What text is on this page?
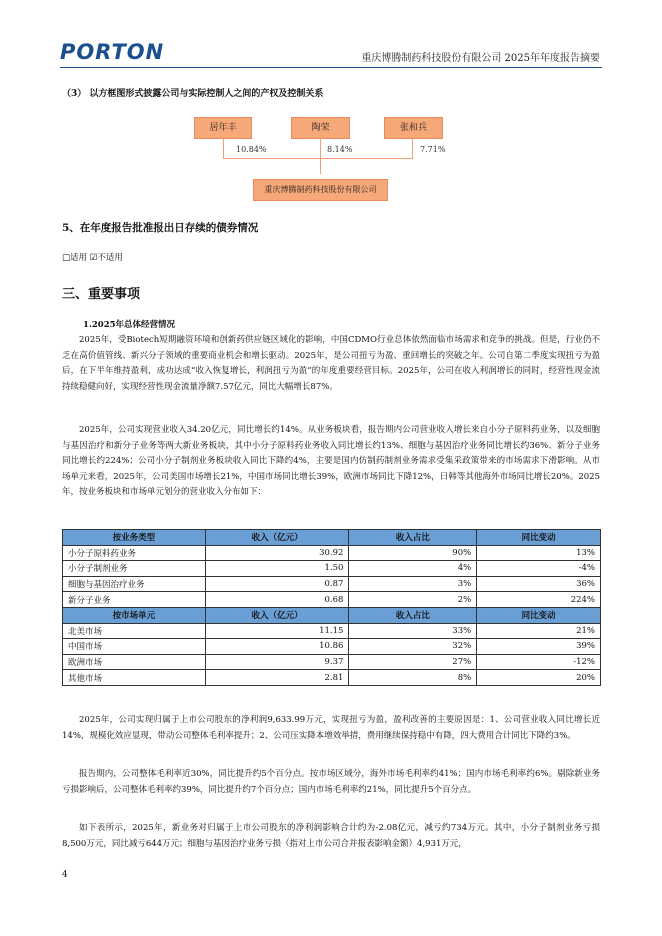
PORTON	重庆博腾制药科技股份有限公司 2025年年度报告摘要
（3） 以方框图形式披露公司与实际控制人之间的产权及控制关系
居年丰	陶荣	张和兵
10.84%	8.14%	7.71%
重庆博腾制药科技股份有限公司
5、在年度报告批准报出日存续的债券情况
□适用 ☑不适用
三、重要事项
1.2025年总体经营情况
2025年，受Biotech短期融资环境和创新药供应链区域化的影响，中国CDMO行业总体依然面临市场需求和竞争的挑战。但是，行业仍不乏在高价值管线、新兴分子领域的重要商业机会和增长驱动。2025年，是公司扭亏为盈、重回增长的突破之年。公司自第二季度实现扭亏为盈后，在下半年维持盈利，成功达成“收入恢复增长，利润扭亏为盈”的年度重要经营目标。2025年，公司在收入利润增长的同时，经营性现金流持续稳健向好，实现经营性现金流量净额7.57亿元，同比大幅增长87%。
2025年，公司实现营业收入34.20亿元，同比增长约14%。从业务板块看，报告期内公司营业收入增长来自小分子原料药业务，以及细胞与基因治疗和新分子业务等两大新业务板块，其中小分子原料药业务收入同比增长约13%、细胞与基因治疗业务同比增长约36%、新分子业务同比增长约224%；公司小分子制剂业务板块收入同比下降约4%，主要是国内仿制药制剂业务需求受集采政策带来的市场需求下滑影响。从市场单元来看，2025年，公司美国市场增长21%，中国市场同比增长39%，欧洲市场同比下降12%，日韩等其他海外市场同比增长20%。2025年，按业务板块和市场单元划分的营业收入分布如下：
按业务类型	收入（亿元）	收入占比	同比变动
小分子原料药业务	30.92	90%	13%
小分子制剂业务	1.50	4%	-4%
细胞与基因治疗业务	0.87	3%	36%
新分子业务	0.68	2%	224%
按市场单元	收入（亿元）	收入占比	同比变动
北美市场	11.15	33%	21%
中国市场	10.86	32%	39%
欧洲市场	9.37	27%	-12%
其他市场	2.81	8%	20%
2025年，公司实现归属于上市公司股东的净利润9,633.99万元，实现扭亏为盈，盈利改善的主要原因是：1、公司营业收入同比增长近14%，规模化效应显现，带动公司整体毛利率提升；2、公司压实降本增效举措，费用继续保持稳中有降，四大费用合计同比下降约3%。
报告期内，公司整体毛利率近30%，同比提升约5个百分点。按市场区域分，海外市场毛利率约41%；国内市场毛利率约6%。剔除新业务亏损影响后，公司整体毛利率约39%，同比提升约7个百分点；国内市场毛利率约21%，同比提升5个百分点。
如下表所示，2025年，新业务对归属于上市公司股东的净利润影响合计约为-2.08亿元，减亏约734万元。其中，小分子制剂业务亏损8,500万元，同比减亏644万元；细胞与基因治疗业务亏损（指对上市公司合并报表影响金额）4,931万元，
4
